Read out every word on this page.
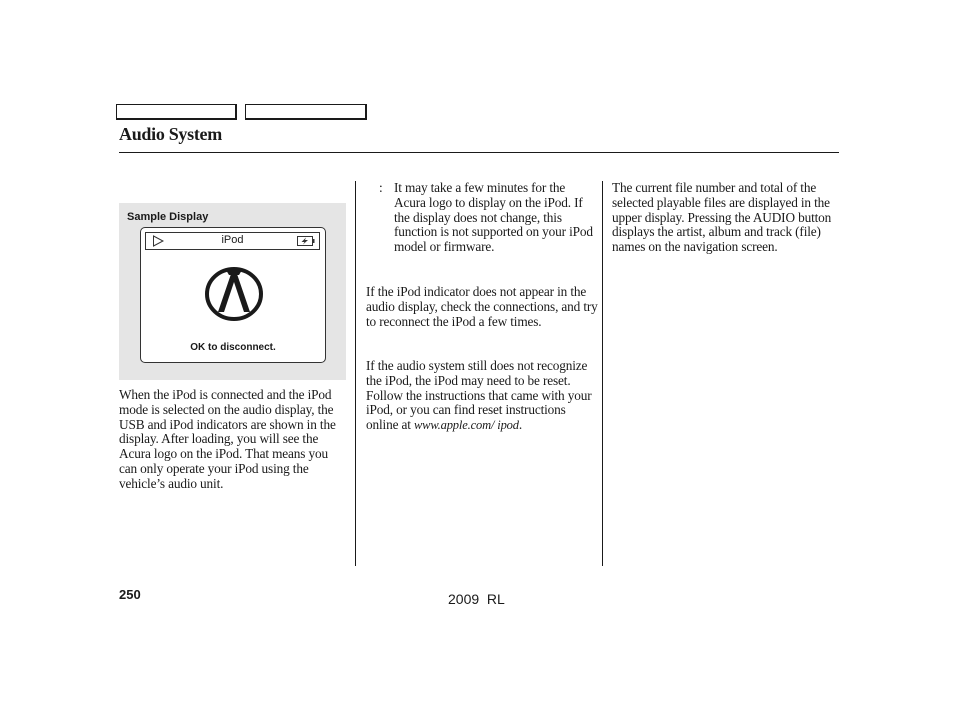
Audio System
Sample Display
iPod
OK to disconnect.

When the iPod is connected and the iPod mode is selected on the audio display, the USB and iPod indicators are shown in the display. After loading, you will see the Acura logo on the iPod. That means you can only operate your iPod using the vehicle’s audio unit.

: It may take a few minutes for the Acura logo to display on the iPod. If the display does not change, this function is not supported on your iPod model or firmware.

If the iPod indicator does not appear in the audio display, check the connections, and try to reconnect the iPod a few times.

If the audio system still does not recognize the iPod, the iPod may need to be reset. Follow the instructions that came with your iPod, or you can find reset instructions online at www.apple.com/ ipod.

The current file number and total of the selected playable files are displayed in the upper display. Pressing the AUDIO button displays the artist, album and track (file) names on the navigation screen.

250	2009  RL
